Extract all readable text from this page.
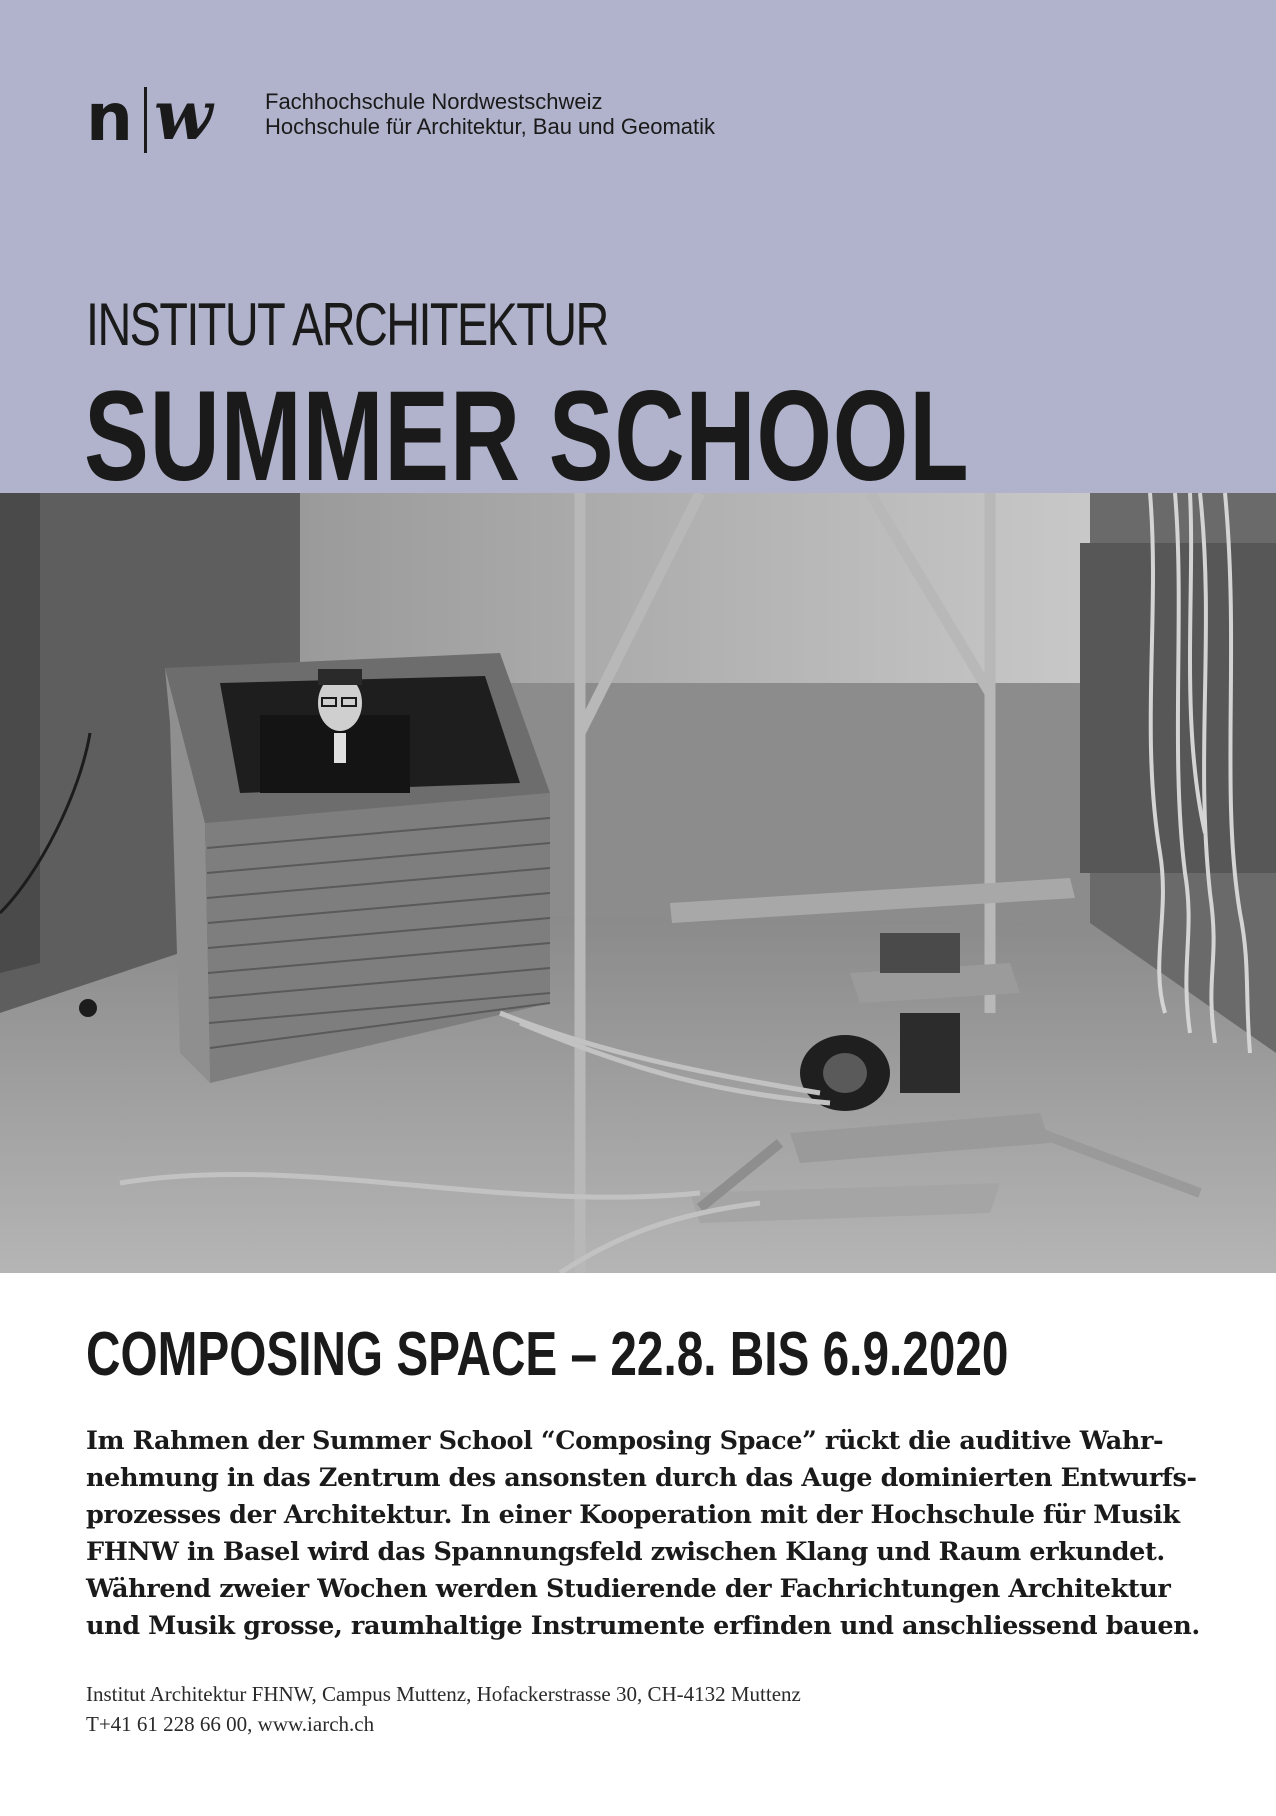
n w Fachhochschule Nordwestschweiz
Hochschule für Architektur, Bau und Geomatik
INSTITUT ARCHITEKTUR
SUMMER SCHOOL
COMPOSING SPACE – 22.8. BIS 6.9.2020
Im Rahmen der Summer School “Composing Space” rückt die auditive Wahr-
nehmung in das Zentrum des ansonsten durch das Auge dominierten Entwurfs-
prozesses der Architektur. In einer Kooperation mit der Hochschule für Musik
FHNW in Basel wird das Spannungsfeld zwischen Klang und Raum erkundet.
Während zweier Wochen werden Studierende der Fachrichtungen Architektur
und Musik grosse, raumhaltige Instrumente erfinden und anschliessend bauen.
Institut Architektur FHNW, Campus Muttenz, Hofackerstrasse 30, CH-4132 Muttenz
T+41 61 228 66 00, www.iarch.ch
